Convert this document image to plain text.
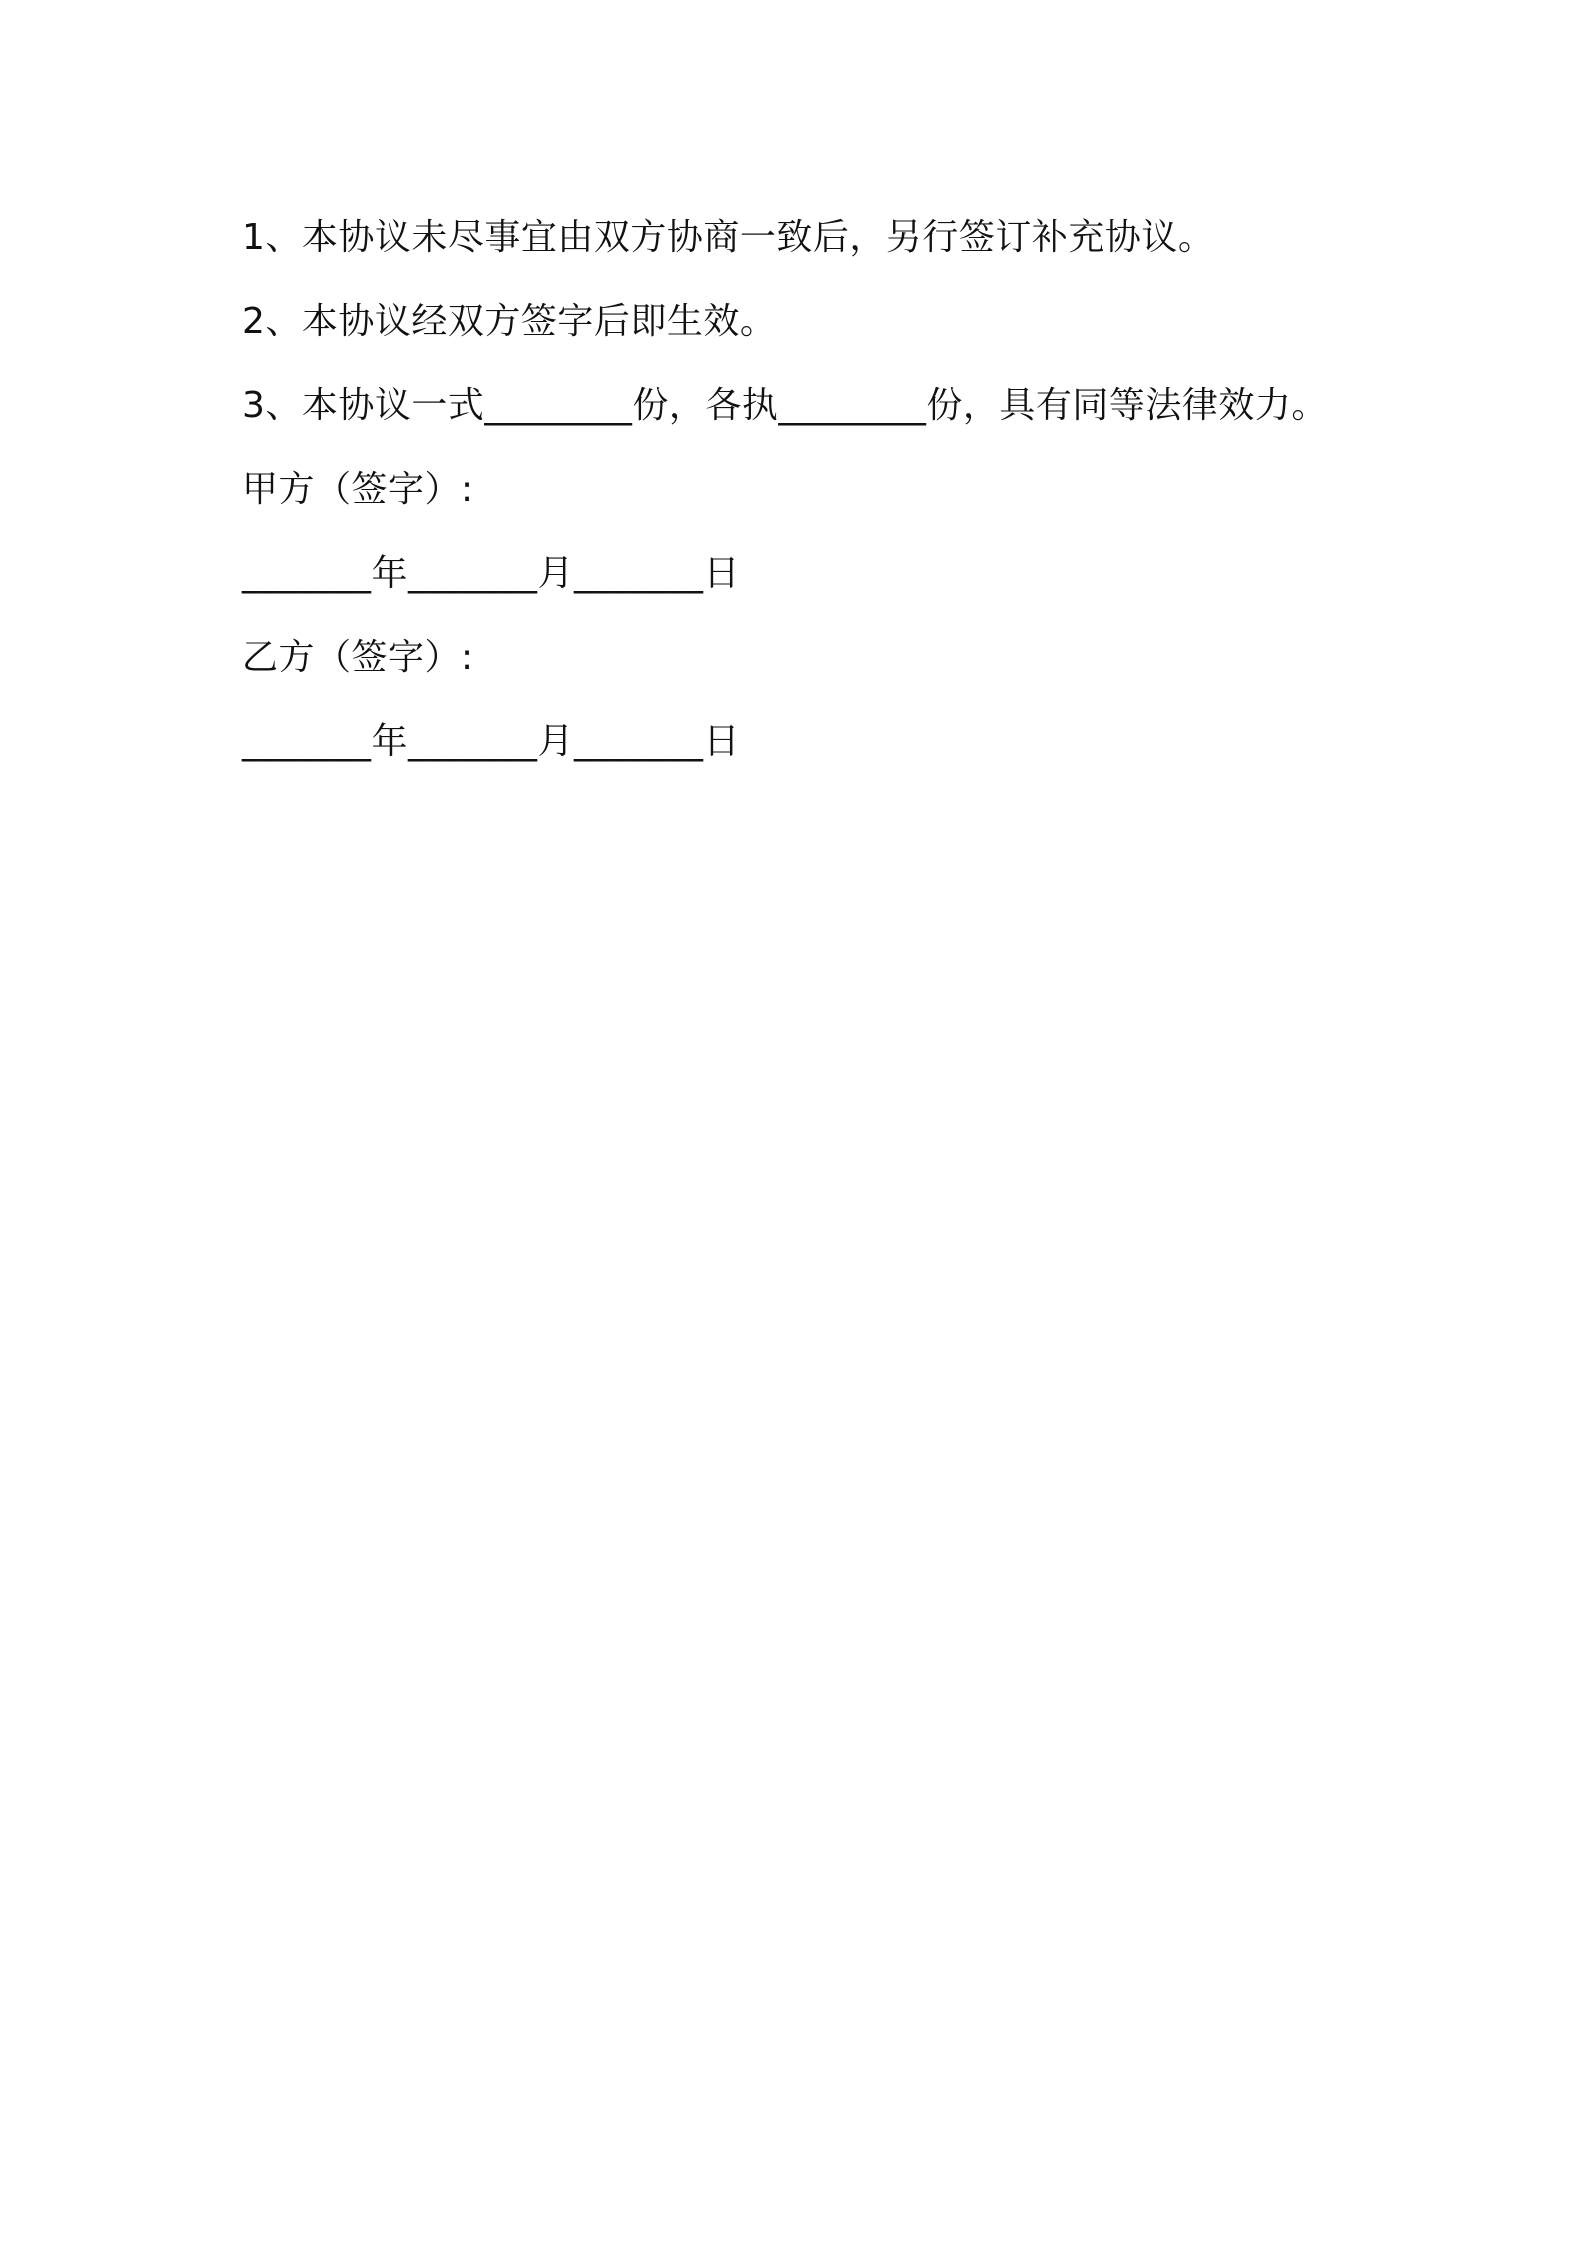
1、本协议未尽事宜由双方协商一致后，另行签订补充协议。
2、本协议经双方签字后即生效。
3、本协议一式________份，各执________份，具有同等法律效力。
甲方（签字）:
_______年_______月_______日
乙方（签字）:
_______年_______月_______日
